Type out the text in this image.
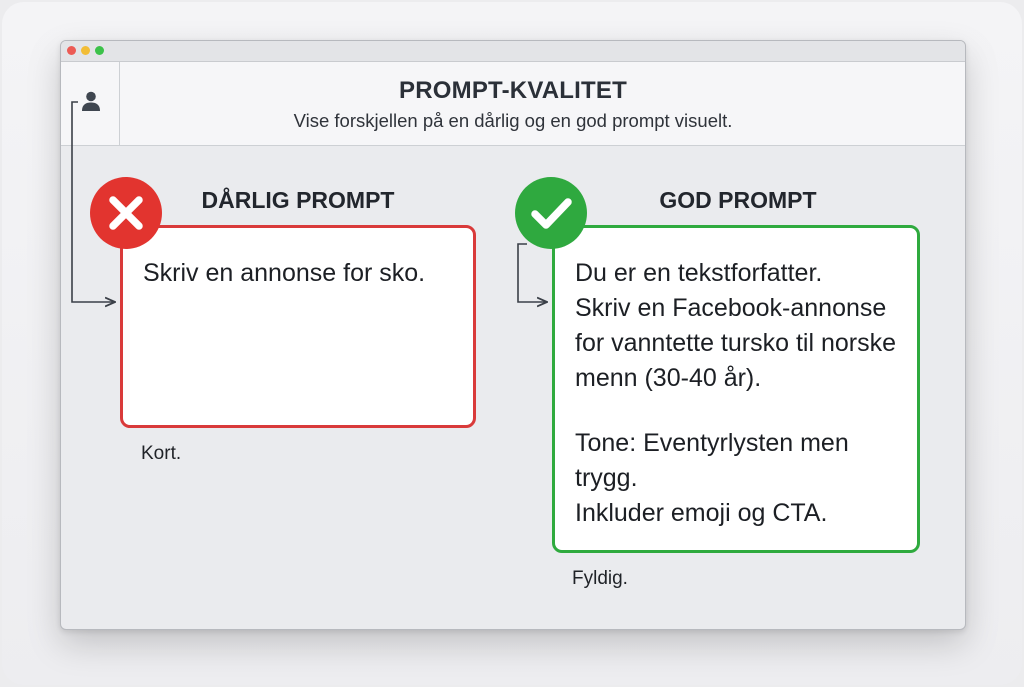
PROMPT-KVALITET
Vise forskjellen på en dårlig og en god prompt visuelt.
DÅRLIG PROMPT	GOD PROMPT
Skriv en annonse for sko.	Du er en tekstforfatter.
Skriv en Facebook-annonse
for vanntette tursko til norske
menn (30-40 år).
Tone: Eventyrlysten men
trygg.
Inkluder emoji og CTA.
Kort.
Fyldig.
